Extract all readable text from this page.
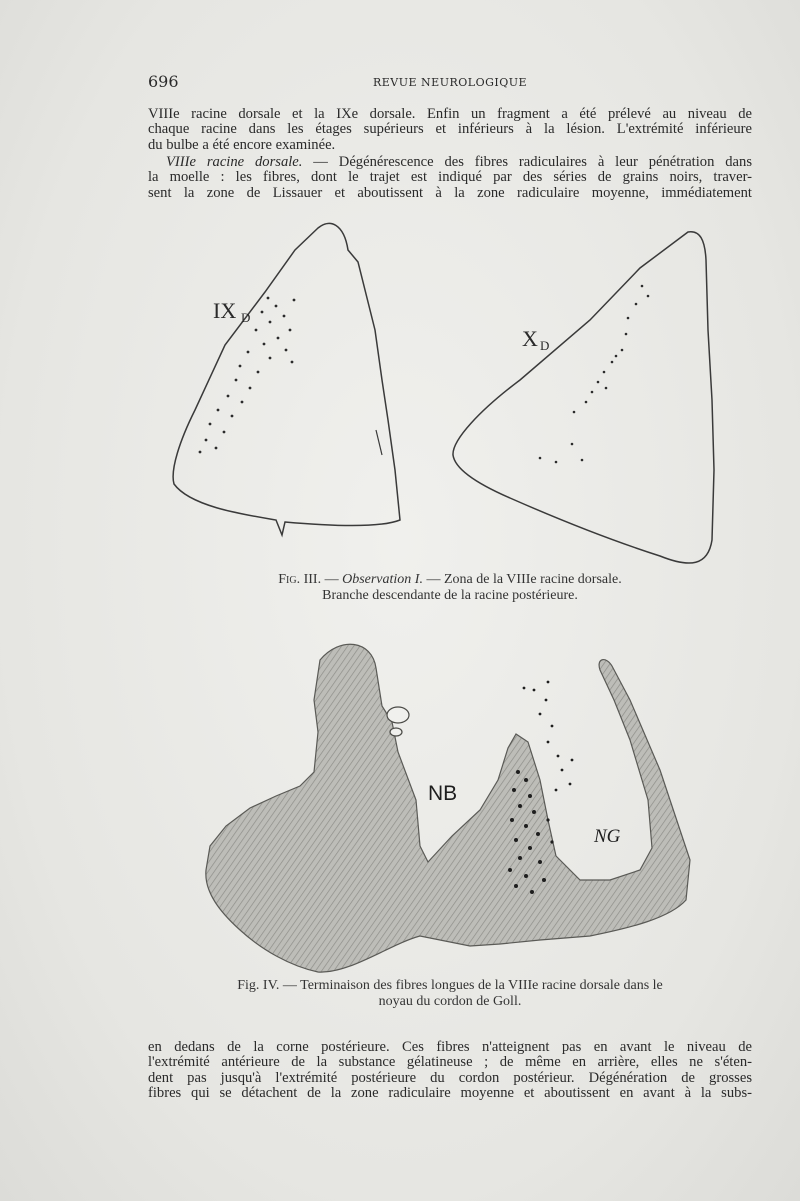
696	REVUE NEUROLOGIQUE
VIIIe racine dorsale et la IXe dorsale. Enfin un fragment a été prélevé au niveau de
chaque racine dans les étages supérieurs et inférieurs à la lésion. L'extrémité inférieure
du bulbe a été encore examinée.
VIIIe racine dorsale. — Dégénérescence des fibres radiculaires à leur pénétration dans
la moelle : les fibres, dont le trajet est indiqué par des séries de grains noirs, traver-
sent la zone de Lissauer et aboutissent à la zone radiculaire moyenne, immédiatement
IX D
X D
NB
NG
Fig. III. — Observation I. — Zona de la VIIIe racine dorsale.
Branche descendante de la racine postérieure.
Fig. IV. — Terminaison des fibres longues de la VIIIe racine dorsale dans le
noyau du cordon de Goll.
en dedans de la corne postérieure. Ces fibres n'atteignent pas en avant le niveau de
l'extrémité antérieure de la substance gélatineuse ; de même en arrière, elles ne s'éten-
dent pas jusqu'à l'extrémité postérieure du cordon postérieur. Dégénération de grosses
fibres qui se détachent de la zone radiculaire moyenne et aboutissent en avant à la subs-
